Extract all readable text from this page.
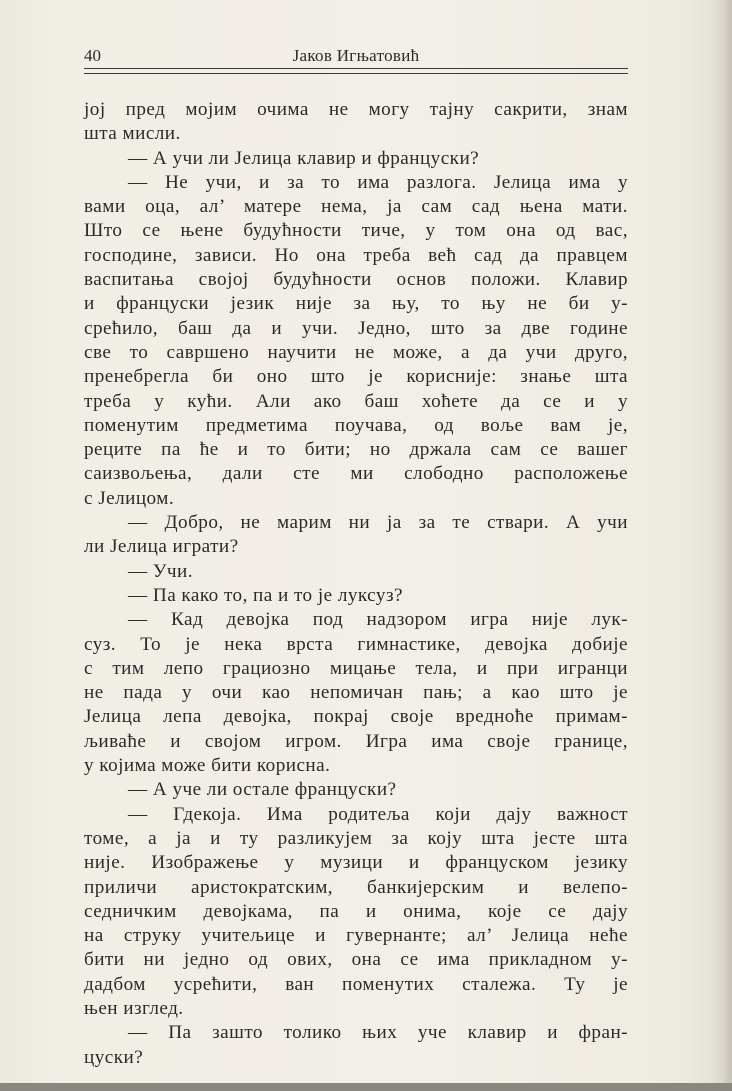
40	Јаков Игњатовић
јој пред мојим очима не могу тајну сакрити, знам
шта мисли.
— А учи ли Јелица клавир и француски?
— Не учи, и за то има разлога. Јелица има у
вами оца, ал’ матере нема, ја сам сад њена мати.
Што се њене будућности тиче, у том она од вас,
господине, зависи. Но она треба већ сад да правцем
васпитања својој будућности основ положи. Клавир
и француски језик није за њу, то њу не би у-
срећило, баш да и учи. Једно, што за две године
све то савршено научити не може, а да учи друго,
пренебрегла би оно што је корисније: знање шта
треба у кући. Али ако баш хоћете да се и у
поменутим предметима поучава, од воље вам је,
реците па ће и то бити; но држала сам се вашег
саизвољења, дали сте ми слободно расположење
с Јелицом.
— Добро, не марим ни ја за те ствари. А учи
ли Јелица играти?
— Учи.
— Па како то, па и то је луксуз?
— Кад девојка под надзором игра није лук-
суз. То је нека врста гимнастике, девојка добије
с тим лепо грациозно мицање тела, и при игранци
не пада у очи као непомичан пањ; а као што је
Јелица лепа девојка, покрај своје вредноће примам-
љиваће и својом игром. Игра има своје границе,
у којима може бити корисна.
— А уче ли остале француски?
— Гдекоја. Има родитеља који дају важност
томе, а ја и ту разликујем за коју шта јесте шта
није. Изображење у музици и француском језику
приличи аристократским, банкијерским и велепо-
седничким девојкама, па и онима, које се дају
на струку учитељице и гувернанте; ал’ Јелица неће
бити ни једно од ових, она се има прикладном у-
дадбом усрећити, ван поменутих сталежа. Ту је
њен изглед.
— Па зашто толико њих уче клавир и фран-
цуски?
